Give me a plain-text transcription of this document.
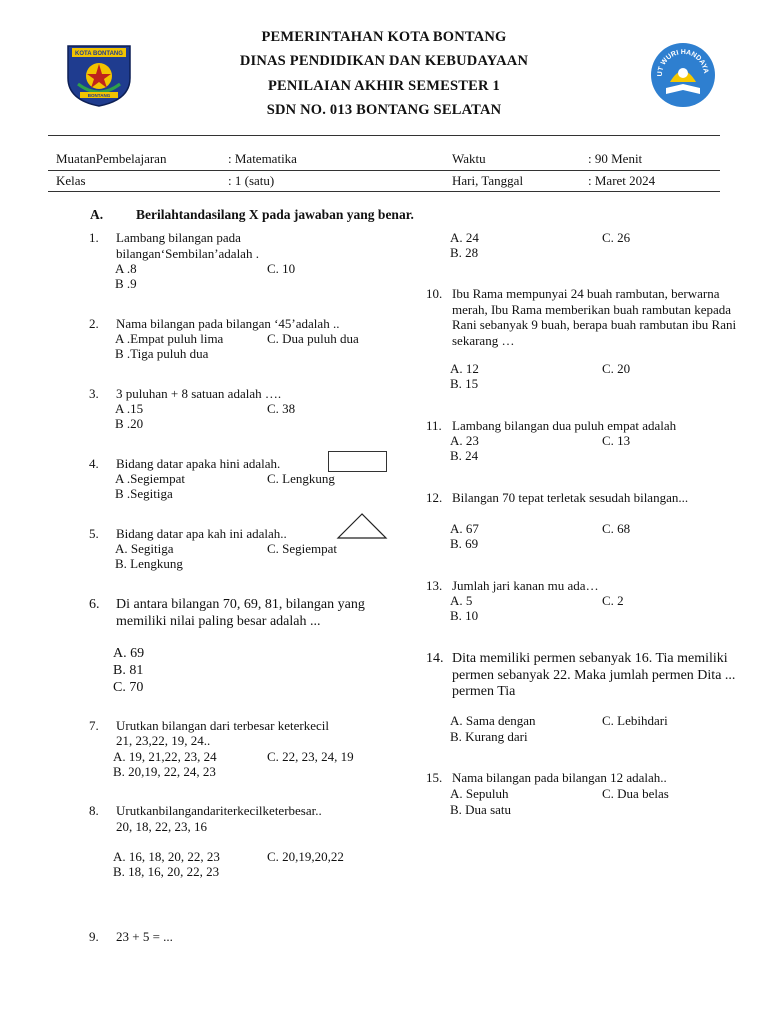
KOTA BONTANG
BONTANG
UT WURI HANDAYA
PEMERINTAHAN KOTA BONTANG
DINAS PENDIDIKAN DAN KEBUDAYAAN
PENILAIAN AKHIR SEMESTER 1
SDN NO. 013 BONTANG SELATAN
MuatanPembelajaran	: Matematika	Waktu	: 90 Menit
Kelas	: 1 (satu)	Hari, Tanggal	: Maret 2024
A. Berilahtandasilang X pada jawaban yang benar.
1. Lambang bilangan pada bilangan‘Sembilan’adalah .
A .8	C. 10
B .9
2. Nama bilangan pada bilangan ‘45’adalah ..
A .Empat puluh lima	C. Dua puluh dua
B .Tiga puluh dua
3. 3 puluhan + 8 satuan adalah ….
A .15	C. 38
B .20
4. Bidang datar apaka hini adalah.
A .Segiempat	C. Lengkung
B .Segitiga
5. Bidang datar apa kah ini adalah..
A. Segitiga	C. Segiempat
B. Lengkung
6. Di antara bilangan 70, 69, 81, bilangan yang memiliki nilai paling besar adalah ...
A. 69
B. 81
C. 70
7. Urutkan bilangan dari terbesar keterkecil
21, 23,22, 19, 24..
A. 19, 21,22, 23, 24	C. 22, 23, 24, 19
B. 20,19, 22, 24, 23
8. Urutkanbilangandariterkecilketerbesar..
20, 18, 22, 23, 16
A. 16, 18, 20, 22, 23	C. 20,19,20,22
B. 18, 16, 20, 22, 23
9. 23 + 5 = ...
A. 24	C. 26
B. 28
10. Ibu Rama mempunyai 24 buah rambutan, berwarna merah, Ibu Rama memberikan buah rambutan kepada Rani sebanyak 9 buah, berapa buah rambutan ibu Rani sekarang …
A. 12	C. 20
B. 15
11. Lambang bilangan dua puluh empat adalah
A. 23	C. 13
B. 24
12. Bilangan 70 tepat terletak sesudah bilangan...
A. 67	C. 68
B. 69
13. Jumlah jari kanan mu ada…
A. 5	C. 2
B. 10
14. Dita memiliki permen sebanyak 16. Tia memiliki permen sebanyak 22. Maka jumlah permen Dita ... permen Tia
A. Sama dengan	C. Lebihdari
B. Kurang dari
15. Nama bilangan pada bilangan 12 adalah..
A. Sepuluh	C. Dua belas
B. Dua satu
